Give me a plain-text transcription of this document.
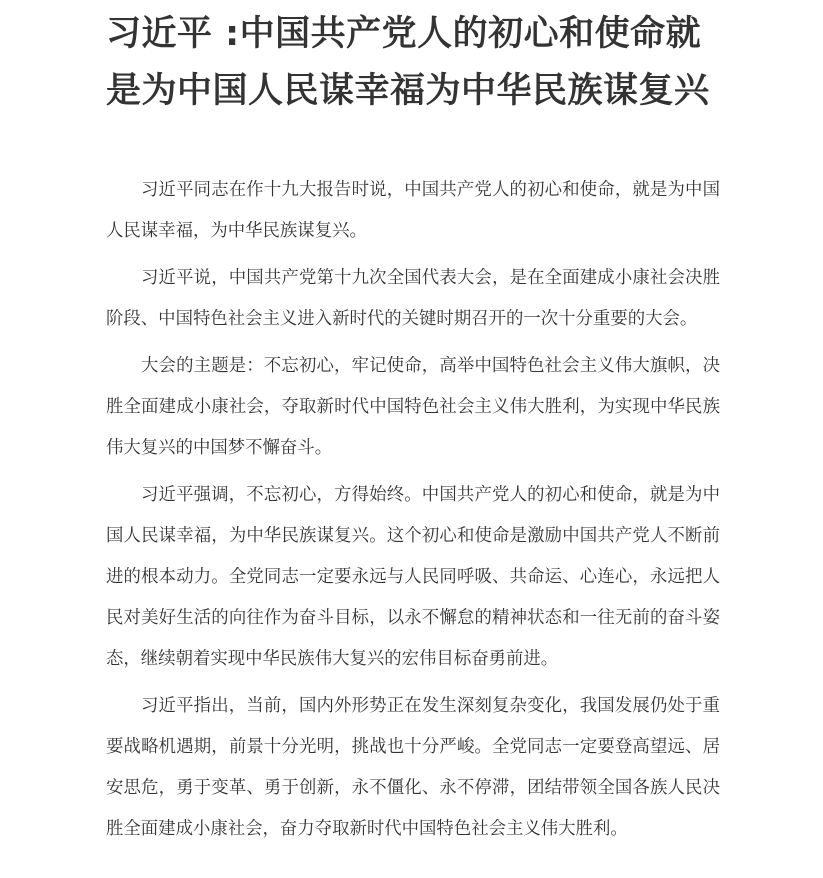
习近平 :中国共产党人的初心和使命就是为中国人民谋幸福为中华民族谋复兴

习近平同志在作十九大报告时说，中国共产党人的初心和使命，就是为中国人民谋幸福，为中华民族谋复兴。

习近平说，中国共产党第十九次全国代表大会，是在全面建成小康社会决胜阶段、中国特色社会主义进入新时代的关键时期召开的一次十分重要的大会。

大会的主题是：不忘初心，牢记使命，高举中国特色社会主义伟大旗帜，决胜全面建成小康社会，夺取新时代中国特色社会主义伟大胜利，为实现中华民族伟大复兴的中国梦不懈奋斗。

习近平强调，不忘初心，方得始终。中国共产党人的初心和使命，就是为中国人民谋幸福，为中华民族谋复兴。这个初心和使命是激励中国共产党人不断前进的根本动力。全党同志一定要永远与人民同呼吸、共命运、心连心，永远把人民对美好生活的向往作为奋斗目标，以永不懈怠的精神状态和一往无前的奋斗姿态，继续朝着实现中华民族伟大复兴的宏伟目标奋勇前进。

习近平指出，当前，国内外形势正在发生深刻复杂变化，我国发展仍处于重要战略机遇期，前景十分光明，挑战也十分严峻。全党同志一定要登高望远、居安思危，勇于变革、勇于创新，永不僵化、永不停滞，团结带领全国各族人民决胜全面建成小康社会，奋力夺取新时代中国特色社会主义伟大胜利。
